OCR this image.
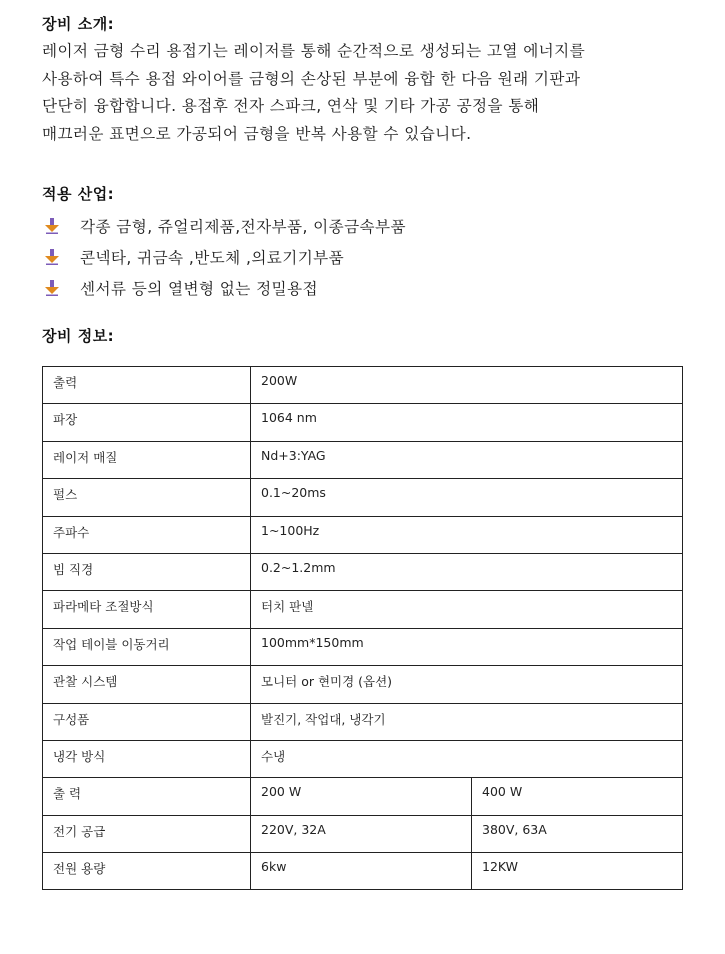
장비 소개:

레이저 금형 수리 용접기는 레이저를 통해 순간적으로 생성되는 고열 에너지를
사용하여 특수 용접 와이어를 금형의 손상된 부분에 융합 한 다음 원래 기판과
단단히 융합합니다. 용접후 전자 스파크, 연삭 및 기타 가공 공정을 통해
매끄러운 표면으로 가공되어 금형을 반복 사용할 수 있습니다.

적용 산업:
각종 금형, 쥬얼리제품,전자부품, 이종금속부품
콘넥타, 귀금속 ,반도체 ,의료기기부품
센서류 등의 열변형 없는 정밀용접
장비 정보:
출력	200W	
파장	1064 nm	
레이저 매질	Nd+3:YAG	
펄스	0.1~20ms	
주파수	1~100Hz	
빔 직경	0.2~1.2mm	
파라메타 조절방식	터치 판넬	
작업 테이블 이동거리	100mm*150mm	
관찰 시스템	모니터 or 현미경 (옵션)	
구성품	발진기, 작업대, 냉각기	
냉각 방식	수냉	
출 력	200 W	400 W
전기 공급	220V, 32A	380V, 63A
전원 용량	6kw	12KW
